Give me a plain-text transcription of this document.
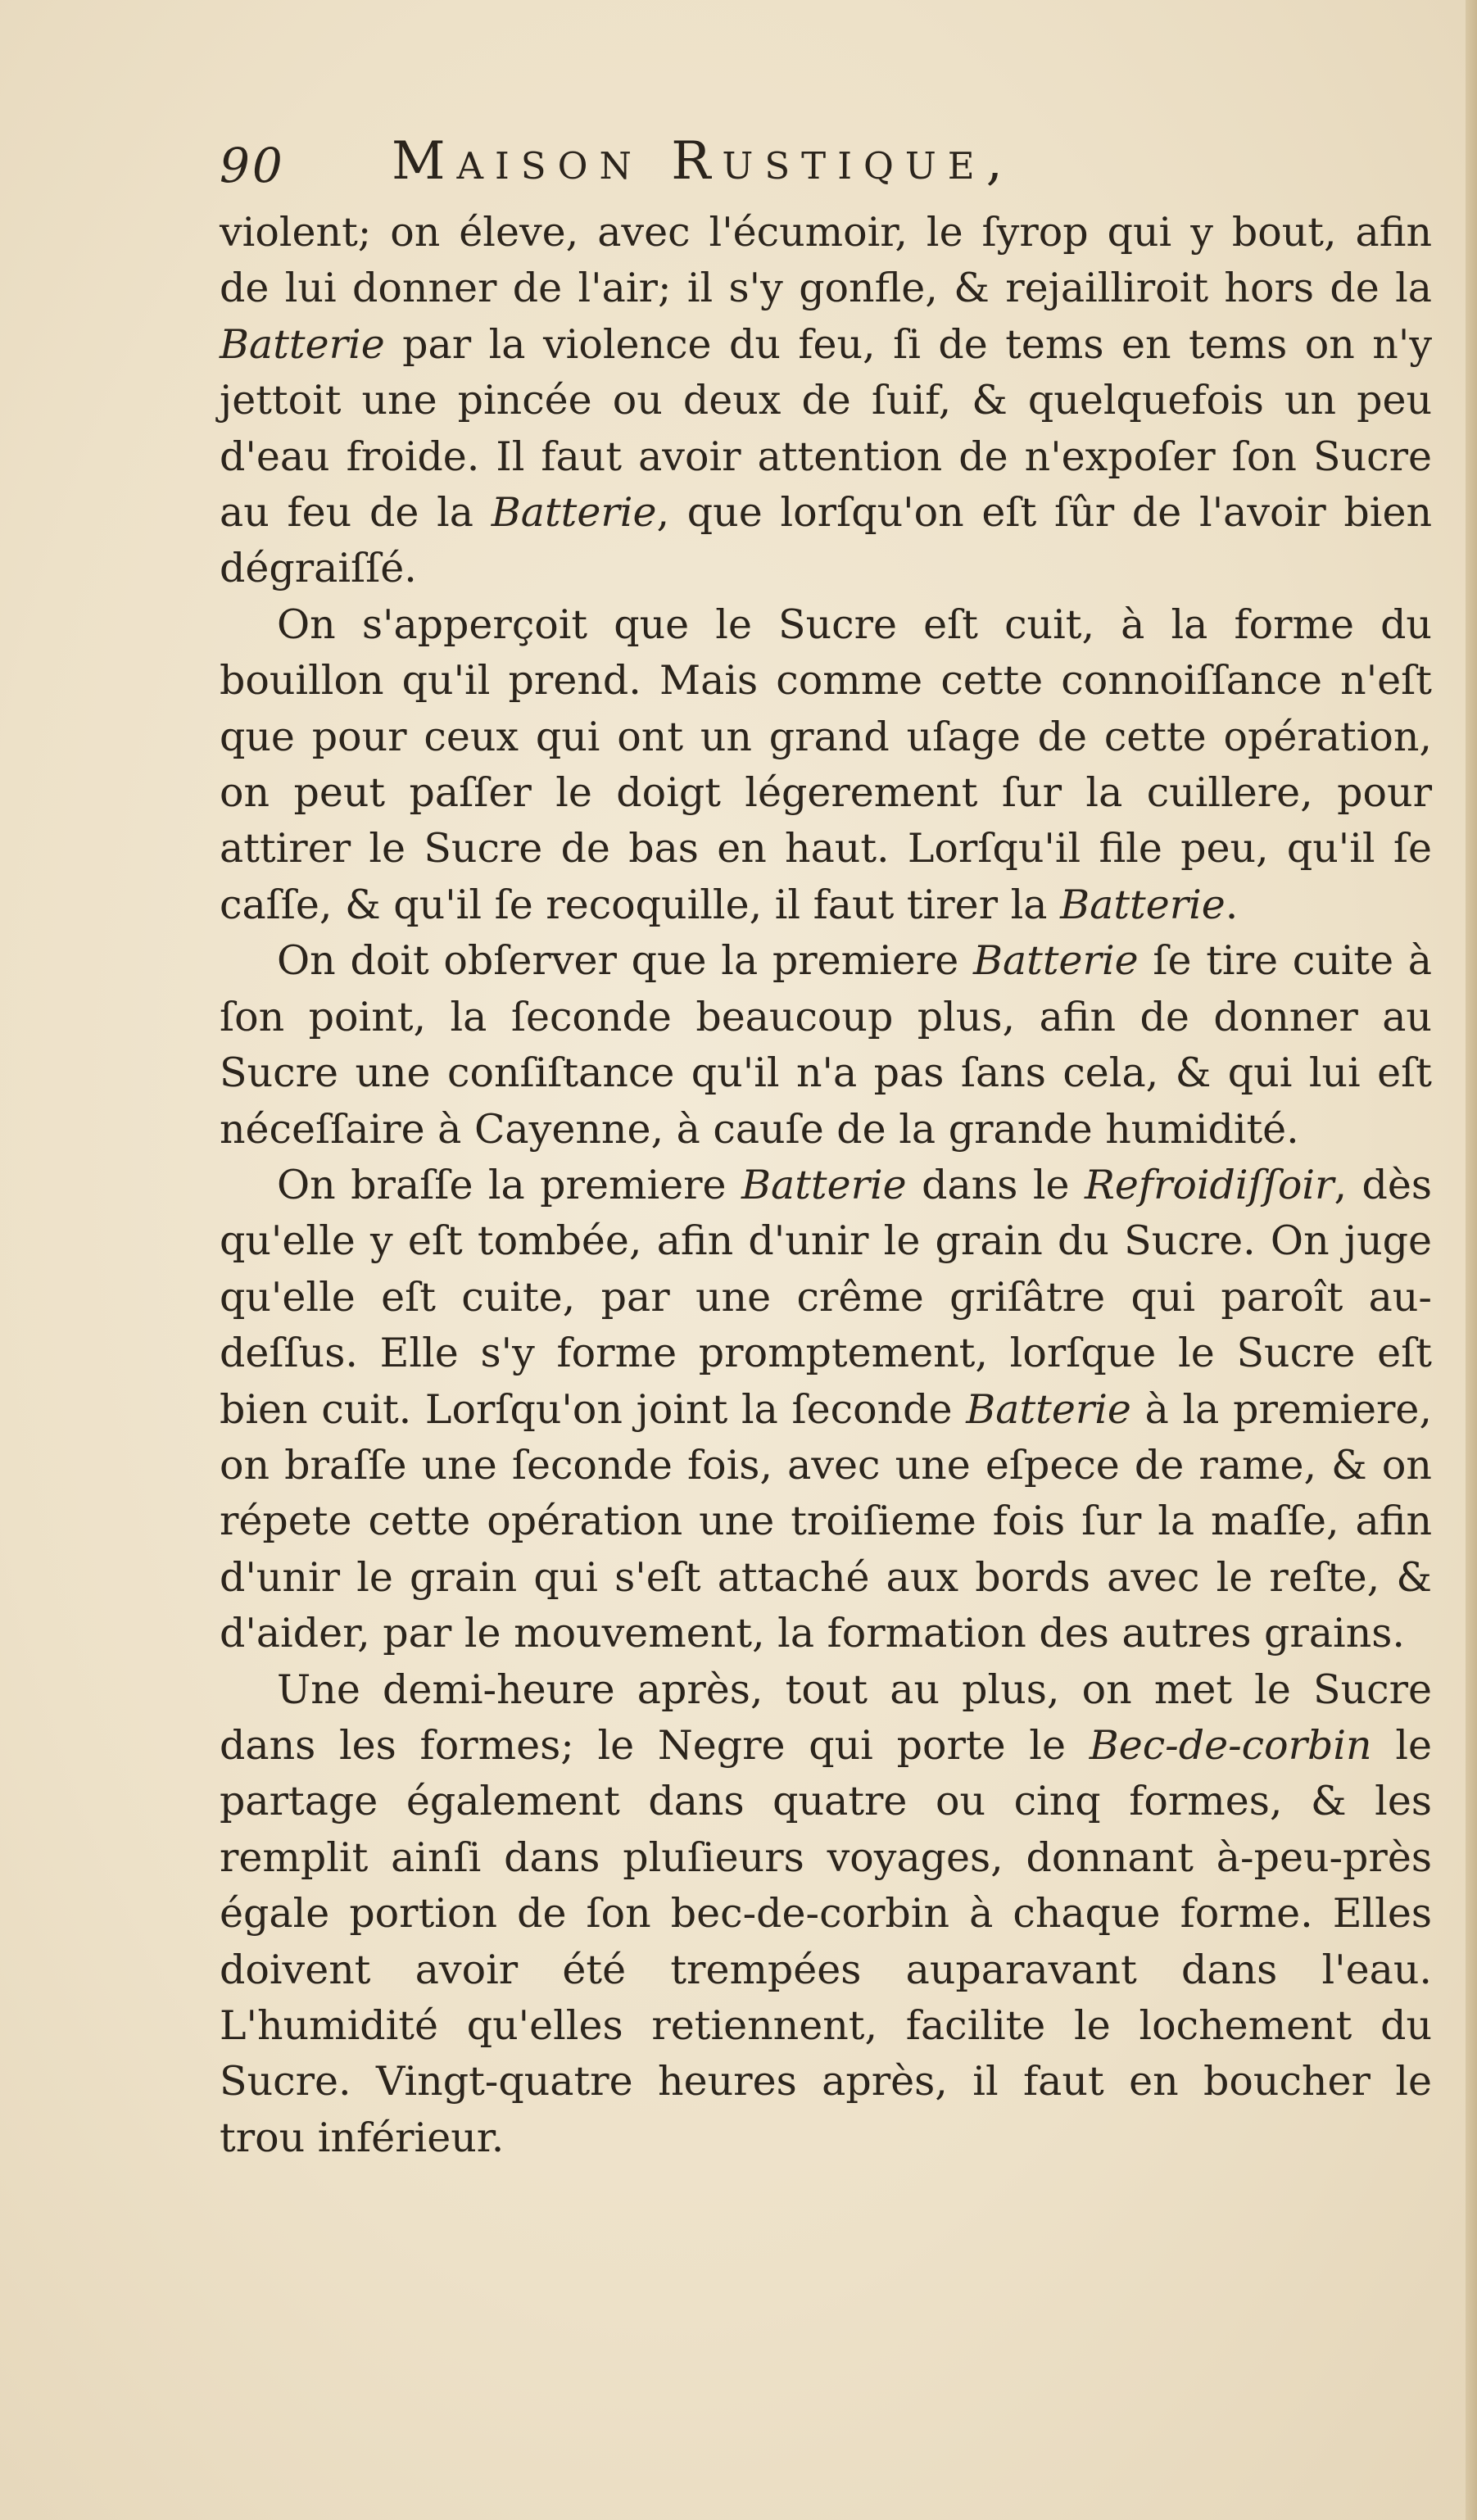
90 Maison Rustique,

violent; on éleve, avec l'écumoir, le ſyrop qui y bout, afin de lui donner de l'air; il s'y gonfle, & rejailliroit hors de la Batterie par la violence du feu, ſi de tems en tems on n'y jettoit une pincée ou deux de ſuif, & quelquefois un peu d'eau froide. Il faut avoir attention de n'expoſer ſon Sucre au feu de la Batterie, que lorſqu'on eſt ſûr de l'avoir bien dégraiſſé.

On s'apperçoit que le Sucre eſt cuit, à la forme du bouillon qu'il prend. Mais comme cette connoiſſance n'eſt que pour ceux qui ont un grand uſage de cette opération, on peut paſſer le doigt légerement ſur la cuillere, pour attirer le Sucre de bas en haut. Lorſqu'il file peu, qu'il ſe caſſe, & qu'il ſe recoquille, il faut tirer la Batterie.

On doit obſerver que la premiere Batterie ſe tire cuite à ſon point, la ſeconde beaucoup plus, afin de donner au Sucre une conſiſtance qu'il n'a pas ſans cela, & qui lui eſt néceſſaire à Cayenne, à cauſe de la grande humidité.

On braſſe la premiere Batterie dans le Refroidiſſoir, dès qu'elle y eſt tombée, afin d'unir le grain du Sucre. On juge qu'elle eſt cuite, par une crême griſâtre qui paroît au-deſſus. Elle s'y forme promptement, lorſque le Sucre eſt bien cuit. Lorſqu'on joint la ſeconde Batterie à la premiere, on braſſe une ſeconde fois, avec une eſpece de rame, & on répete cette opération une troiſieme fois ſur la maſſe, afin d'unir le grain qui s'eſt attaché aux bords avec le reſte, & d'aider, par le mouvement, la formation des autres grains.

Une demi-heure après, tout au plus, on met le Sucre dans les formes; le Negre qui porte le Bec-de-corbin le partage également dans quatre ou cinq formes, & les remplit ainſi dans pluſieurs voyages, donnant à-peu-près égale portion de ſon bec-de-corbin à chaque forme. Elles doivent avoir été trempées auparavant dans l'eau. L'humidité qu'elles retiennent, facilite le lochement du Sucre. Vingt-quatre heures après, il faut en boucher le trou inférieur.
